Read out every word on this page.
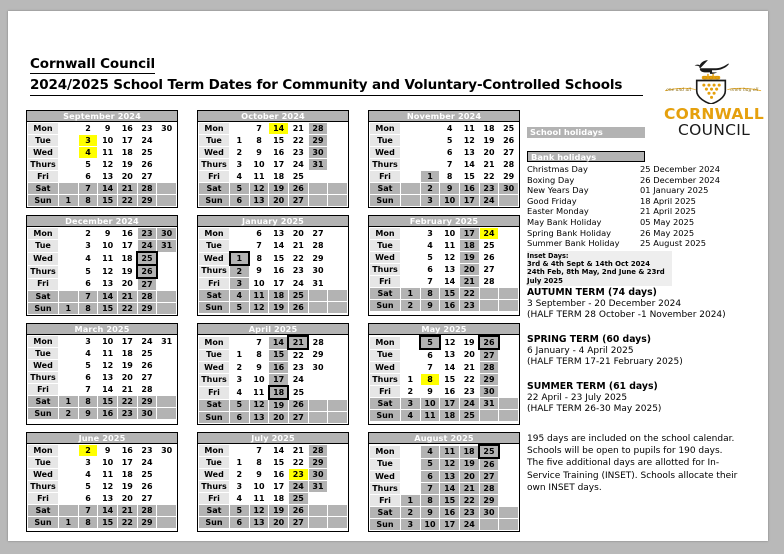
Cornwall Council
2024/2025 School Term Dates for Community and Voluntary-Controlled Schools	one and all	onen hag oll
CORNWALL
COUNCIL
September 2024
Mon		2	9	16	23	30
Tue		3	10	17	24	
Wed		4	11	18	25	
Thurs		5	12	19	26	
Fri		6	13	20	27	
Sat		7	14	21	28	
Sun	1	8	15	22	29	
October 2024
Mon		7	14	21	28	
Tue	1	8	15	22	29	
Wed	2	9	16	23	30	
Thurs	3	10	17	24	31	
Fri	4	11	18	25		
Sat	5	12	19	26		
Sun	6	13	20	27		
November 2024
Mon			4	11	18	25
Tue			5	12	19	26
Wed			6	13	20	27
Thurs			7	14	21	28
Fri		1	8	15	22	29
Sat		2	9	16	23	30
Sun		3	10	17	24	
December 2024
Mon		2	9	16	23	30
Tue		3	10	17	24	31
Wed		4	11	18	25	
Thurs		5	12	19	26	
Fri		6	13	20	27	
Sat		7	14	21	28	
Sun	1	8	15	22	29	
January 2025
Mon		6	13	20	27	
Tue		7	14	21	28	
Wed	1	8	15	22	29	
Thurs	2	9	16	23	30	
Fri	3	10	17	24	31	
Sat	4	11	18	25		
Sun	5	12	19	26		
February 2025
Mon		3	10	17	24	
Tue		4	11	18	25	
Wed		5	12	19	26	
Thurs		6	13	20	27	
Fri		7	14	21	28	
Sat	1	8	15	22		
Sun	2	9	16	23		
March 2025
Mon		3	10	17	24	31
Tue		4	11	18	25	
Wed		5	12	19	26	
Thurs		6	13	20	27	
Fri		7	14	21	28	
Sat	1	8	15	22	29	
Sun	2	9	16	23	30	
April 2025
Mon		7	14	21	28	
Tue	1	8	15	22	29	
Wed	2	9	16	23	30	
Thurs	3	10	17	24		
Fri	4	11	18	25		
Sat	5	12	19	26		
Sun	6	13	20	27		
May 2025
Mon		5	12	19	26	
Tue		6	13	20	27	
Wed		7	14	21	28	
Thurs	1	8	15	22	29	
Fri	2	9	16	23	30	
Sat	3	10	17	24	31	
Sun	4	11	18	25		
June 2025
Mon		2	9	16	23	30
Tue		3	10	17	24	
Wed		4	11	18	25	
Thurs		5	12	19	26	
Fri		6	13	20	27	
Sat		7	14	21	28	
Sun	1	8	15	22	29	
July 2025
Mon		7	14	21	28	
Tue	1	8	15	22	29	
Wed	2	9	16	23	30	
Thurs	3	10	17	24	31	
Fri	4	11	18	25		
Sat	5	12	19	26		
Sun	6	13	20	27		
August 2025
Mon		4	11	18	25	
Tue		5	12	19	26	
Wed		6	13	20	27	
Thurs		7	14	21	28	
Fri	1	8	15	22	29	
Sat	2	9	16	23	30	
Sun	3	10	17	24		
School holidays
Bank holidays
Christmas Day	25 December 2024
Boxing Day	26 December 2024
New Years Day	01 January 2025
Good Friday	18 April 2025
Easter Monday	21 April 2025
May Bank Holiday	05 May 2025
Spring Bank Holiday	26 May 2025
Summer Bank Holiday	25 August 2025
Inset Days:
3rd & 4th Sept & 14th Oct 2024
24th Feb, 8th May, 2nd June & 23rd
July 2025
AUTUMN TERM (74 days)
3 September - 20 December 2024
(HALF TERM 28 October -1 November 2024)
SPRING TERM (60 days)
6 January - 4 April 2025
(HALF TERM 17-21 February 2025)
SUMMER TERM (61 days)
22 April - 23 July 2025
(HALF TERM 26-30 May 2025)
195 days are included on the school calendar. Schools will be open to pupils for 190 days. The five additional days are allotted for In-Service Training (INSET). Schools allocate their own INSET days.
